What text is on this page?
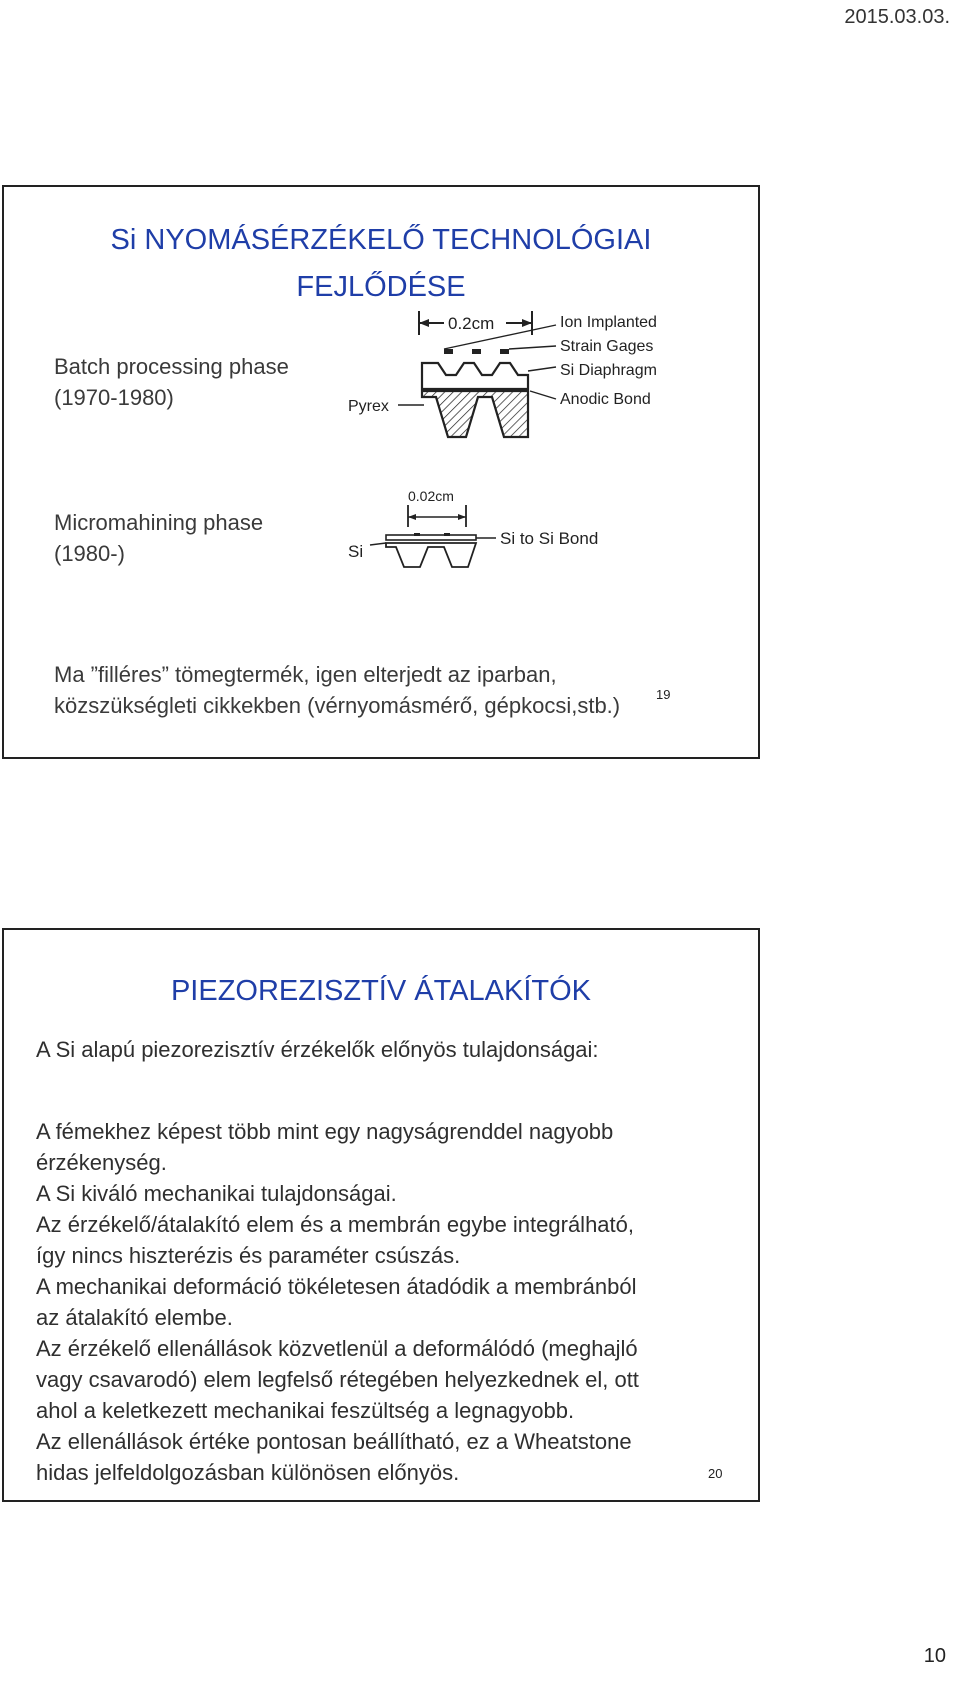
2015.03.03.
Si NYOMÁSÉRZÉKELŐ TECHNOLÓGIAI
FEJLŐDÉSE
Batch processing phase
(1970-1980)
Micromahining phase
(1980-)
Ma ”filléres” tömegtermék, igen elterjedt az iparban,
közszükségleti cikkekben (vérnyomásmérő, gépkocsi,stb.)	19
0.2cm	Ion Implanted
Strain Gages
Si Diaphragm
Anodic Bond
Pyrex
0.02cm
Si to Si Bond
Si
PIEZOREZISZTÍV ÁTALAKÍTÓK
A Si alapú piezorezisztív érzékelők előnyös tulajdonságai:

A fémekhez képest több mint egy nagyságrenddel nagyobb

érzékenység.

A Si kiváló mechanikai tulajdonságai.

Az érzékelő/átalakító elem és a membrán egybe integrálható,

így nincs hiszterézis és paraméter csúszás.

A mechanikai deformáció tökéletesen átadódik a membránból

az átalakító elembe.

Az érzékelő ellenállások közvetlenül a deformálódó (meghajló

vagy csavarodó) elem legfelső rétegében helyezkednek el, ott

ahol a keletkezett mechanikai feszültség a legnagyobb.

Az ellenállások értéke pontosan beállítható, ez a Wheatstone

hidas jelfeldolgozásban különösen előnyös.	20
10
